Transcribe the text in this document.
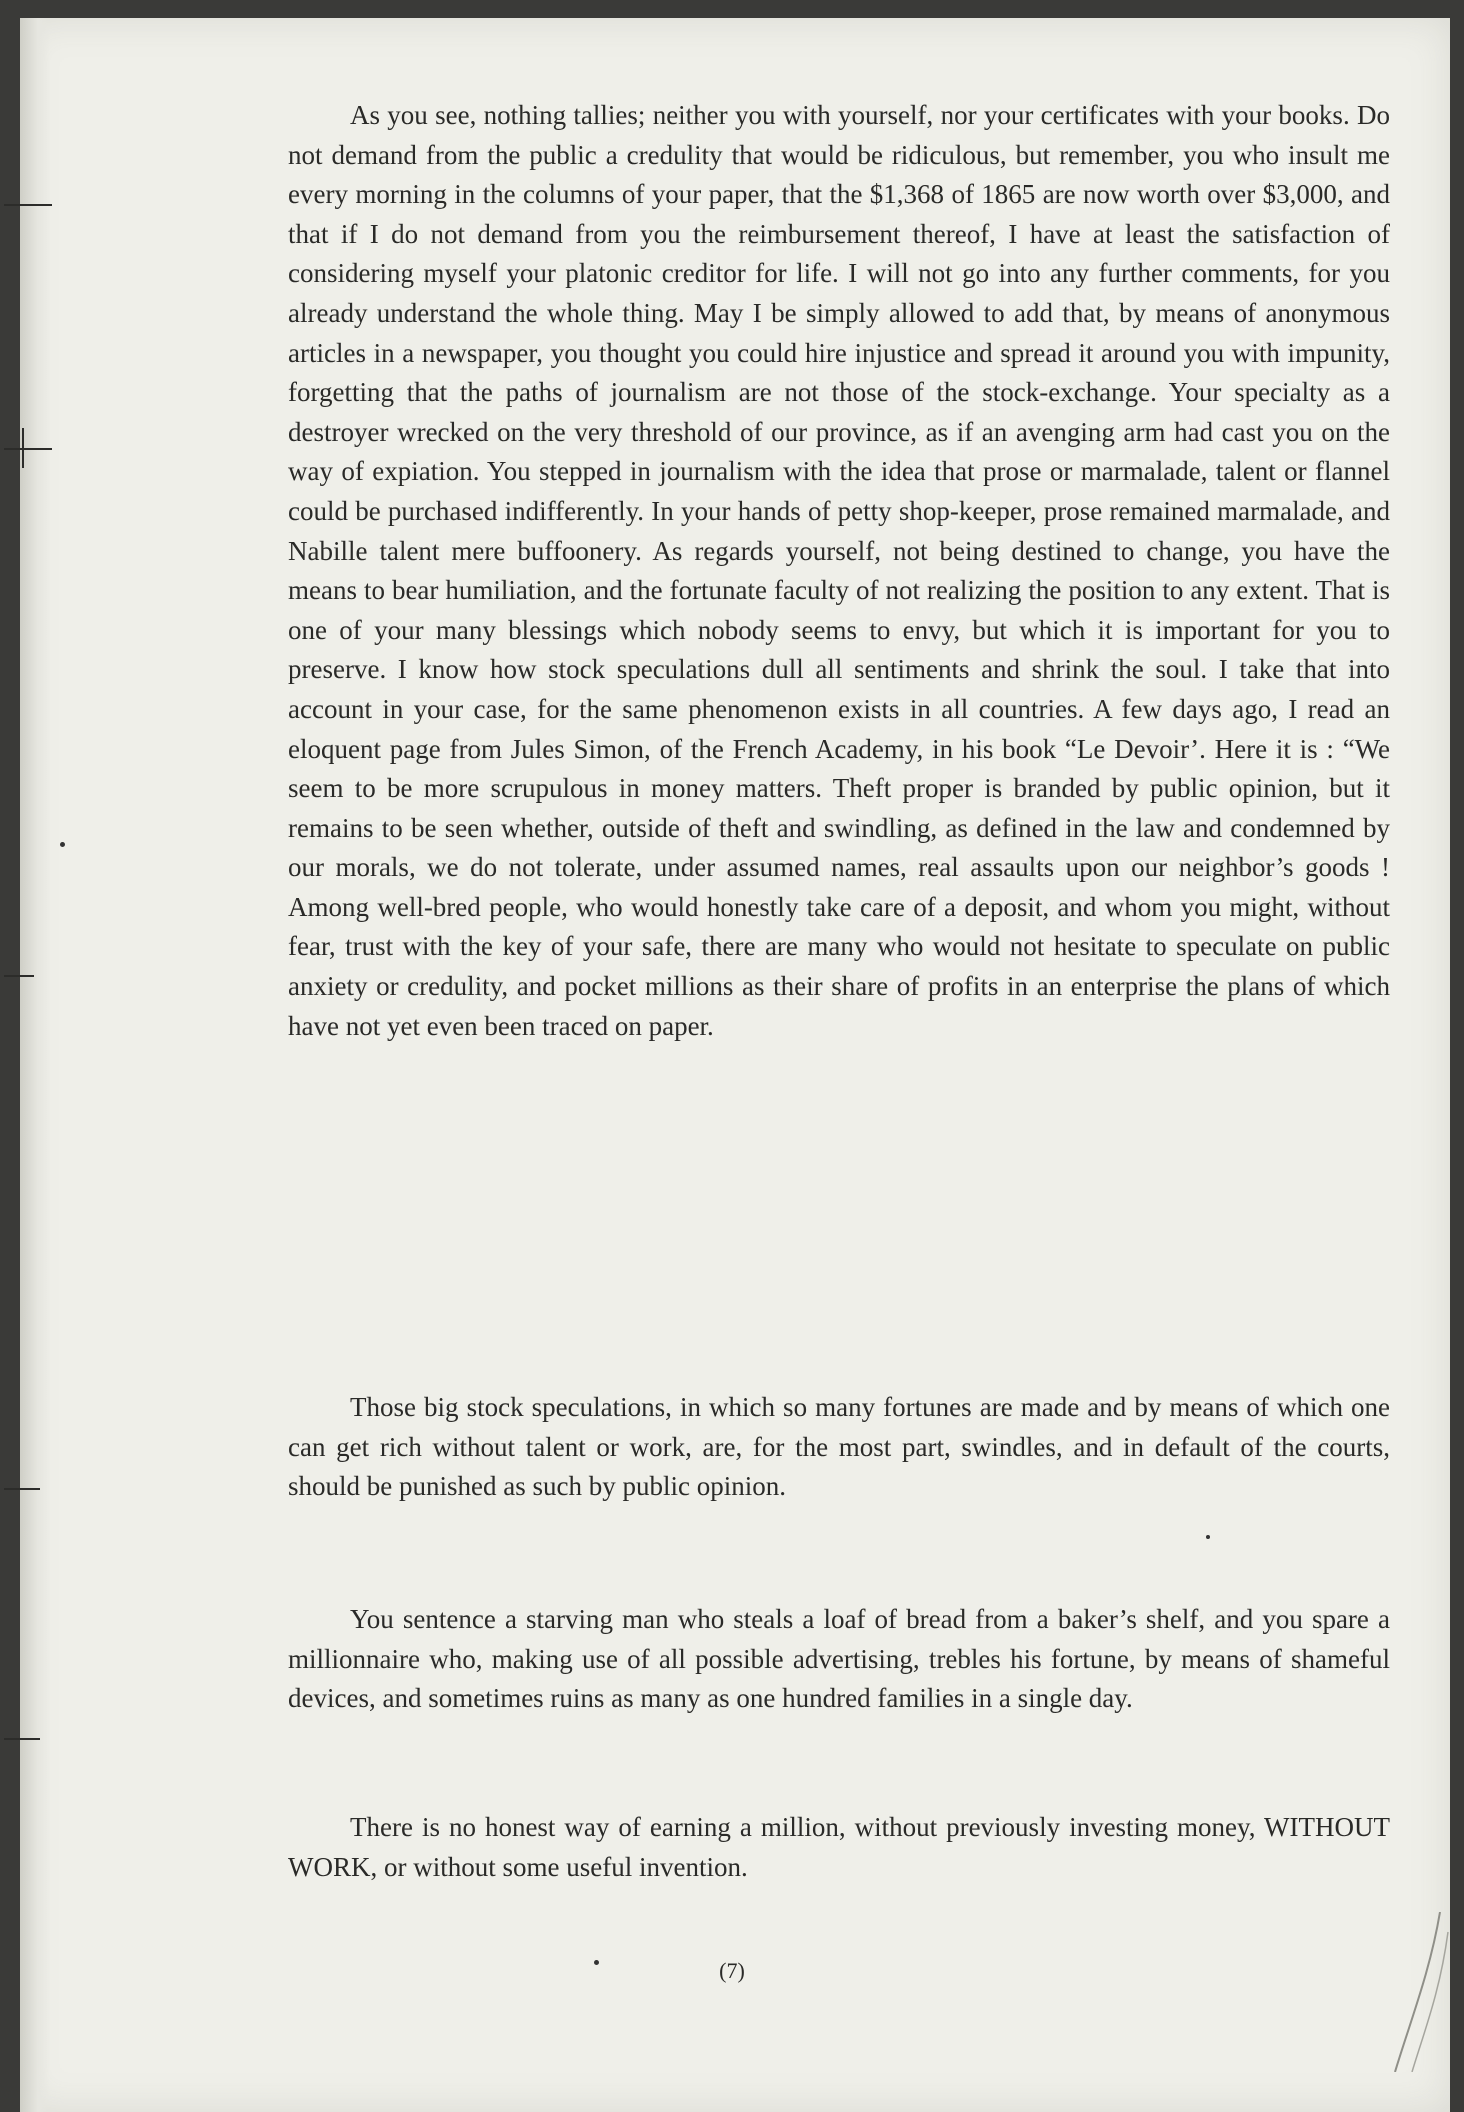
As you see, nothing tallies; neither you with yourself, nor your certificates with your books. Do not demand from the public a credulity that would be ridiculous, but remember, you who insult me every morning in the columns of your paper, that the $1,368 of 1865 are now worth over $3,000, and that if I do not demand from you the reimbursement thereof, I have at least the satisfaction of considering myself your platonic creditor for life. I will not go into any further comments, for you already understand the whole thing. May I be simply allowed to add that, by means of anonymous articles in a newspaper, you thought you could hire injustice and spread it around you with impunity, forgetting that the paths of journalism are not those of the stock-exchange. Your specialty as a destroyer wrecked on the very threshold of our province, as if an avenging arm had cast you on the way of expiation. You stepped in journalism with the idea that prose or marmalade, talent or flannel could be purchased indifferently. In your hands of petty shop-keeper, prose remained marmalade, and Nabille talent mere buffoonery. As regards yourself, not being destined to change, you have the means to bear humiliation, and the fortunate faculty of not realizing the position to any extent. That is one of your many blessings which nobody seems to envy, but which it is important for you to preserve. I know how stock speculations dull all sentiments and shrink the soul. I take that into account in your case, for the same phenomenon exists in all countries. A few days ago, I read an eloquent page from Jules Simon, of the French Academy, in his book “Le Devoir’. Here it is : “We seem to be more scrupulous in money matters. Theft proper is branded by public opinion, but it remains to be seen whether, outside of theft and swindling, as defined in the law and condemned by our morals, we do not tolerate, under assumed names, real assaults upon our neighbor’s goods ! Among well-bred people, who would honestly take care of a deposit, and whom you might, without fear, trust with the key of your safe, there are many who would not hesitate to speculate on public anxiety or credulity, and pocket millions as their share of profits in an enterprise the plans of which have not yet even been traced on paper.

Those big stock speculations, in which so many fortunes are made and by means of which one can get rich without talent or work, are, for the most part, swindles, and in default of the courts, should be punished as such by public opinion.

You sentence a starving man who steals a loaf of bread from a baker’s shelf, and you spare a millionnaire who, making use of all possible advertising, trebles his fortune, by means of shameful devices, and sometimes ruins as many as one hundred families in a single day.

There is no honest way of earning a million, without previously investing money, WITHOUT WORK, or without some useful invention.

(7)
